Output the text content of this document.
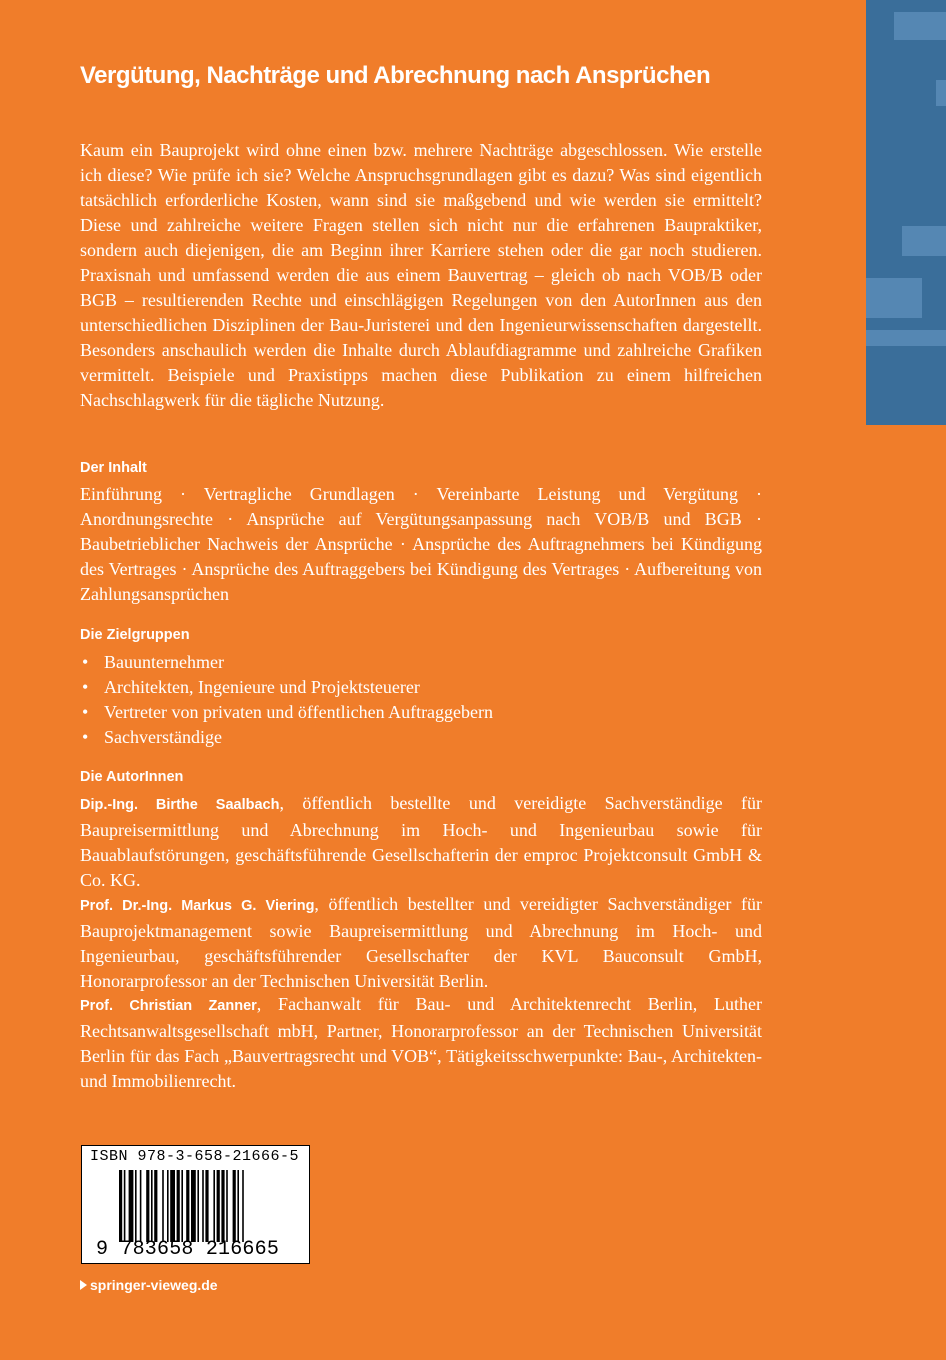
Vergütung, Nachträge und Abrechnung nach Ansprüchen

Kaum ein Bauprojekt wird ohne einen bzw. mehrere Nachträge abgeschlossen. Wie erstelle ich diese? Wie prüfe ich sie? Welche Anspruchsgrundlagen gibt es dazu? Was sind eigentlich tatsächlich erforderliche Kosten, wann sind sie maßgebend und wie werden sie ermittelt? Diese und zahlreiche weitere Fragen stellen sich nicht nur die erfahrenen Baupraktiker, sondern auch diejenigen, die am Beginn ihrer Karriere stehen oder die gar noch studieren. Praxisnah und umfassend werden die aus einem Bauvertrag – gleich ob nach VOB/B oder BGB – resultierenden Rechte und einschlägigen Regelungen von den AutorInnen aus den unterschiedlichen Disziplinen der Bau-Juristerei und den Ingenieurwissenschaften dargestellt. Besonders anschaulich werden die Inhalte durch Ablaufdiagramme und zahlreiche Grafiken vermittelt. Beispiele und Praxistipps machen diese Publikation zu einem hilfreichen Nachschlagwerk für die tägliche Nutzung.

Der Inhalt

Einführung · Vertragliche Grundlagen · Vereinbarte Leistung und Vergütung · Anordnungsrechte · Ansprüche auf Vergütungsanpassung nach VOB/B und BGB · Baubetrieblicher Nachweis der Ansprüche · Ansprüche des Auftragnehmers bei Kündigung des Vertrages · Ansprüche des Auftraggebers bei Kündigung des Vertrages · Aufbereitung von Zahlungsansprüchen

Die Zielgruppen
• Bauunternehmer
• Architekten, Ingenieure und Projektsteuerer
• Vertreter von privaten und öffentlichen Auftraggebern
• Sachverständige
Die AutorInnen

Dip.-Ing. Birthe Saalbach, öffentlich bestellte und vereidigte Sachverständige für Baupreisermittlung und Abrechnung im Hoch- und Ingenieurbau sowie für Bauablaufstörungen, geschäftsführende Gesellschafterin der emproc Projektconsult GmbH & Co. KG.

Prof. Dr.-Ing. Markus G. Viering, öffentlich bestellter und vereidigter Sachverständiger für Bauprojektmanagement sowie Baupreisermittlung und Abrechnung im Hoch- und Ingenieurbau, geschäftsführender Gesellschafter der KVL Bauconsult GmbH, Honorarprofessor an der Technischen Universität Berlin.

Prof. Christian Zanner, Fachanwalt für Bau- und Architektenrecht Berlin, Luther Rechtsanwaltsgesellschaft mbH, Partner, Honorarprofessor an der Technischen Universität Berlin für das Fach „Bauvertragsrecht und VOB“, Tätigkeitsschwerpunkte: Bau-, Architekten- und Immobilienrecht.

ISBN 978-3-658-21666-5
9 783658 216665
springer-vieweg.de
